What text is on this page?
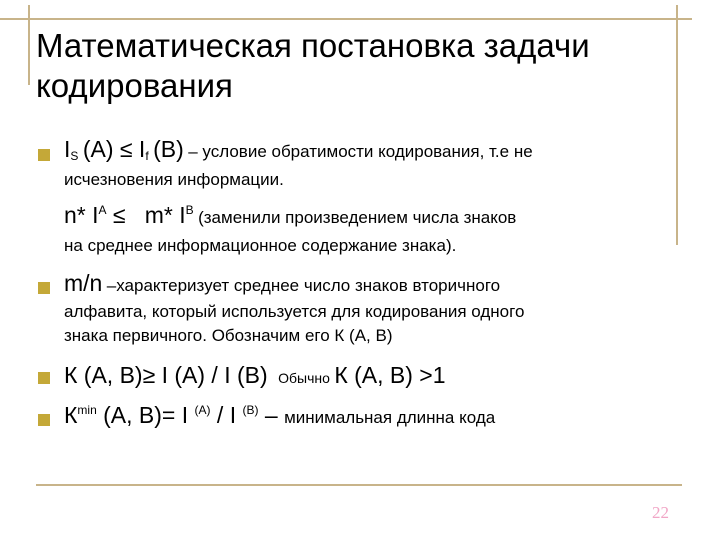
Математическая постановка задачи
кодирования
$I_S$ $(A) \le I_f$ (B) – условие обратимости кодирования, т.е не
исчезновения информации.
n* $I^A \le m*$ $I^B$ (заменили произведением числа знаков
на среднее информационное содержание знака).
m/n –характеризует среднее число знаков вторичного
алфавита, который используется для кодирования одного
знака первичного. Обозначим его К (А, В)
К (А, В)≥ I (A) / I (B) Обычно К (А, В) >1
$К^{min}$ (А, В)= I $^{(A)}$ / I $^{(B)}$ – минимальная длинна кода
22
